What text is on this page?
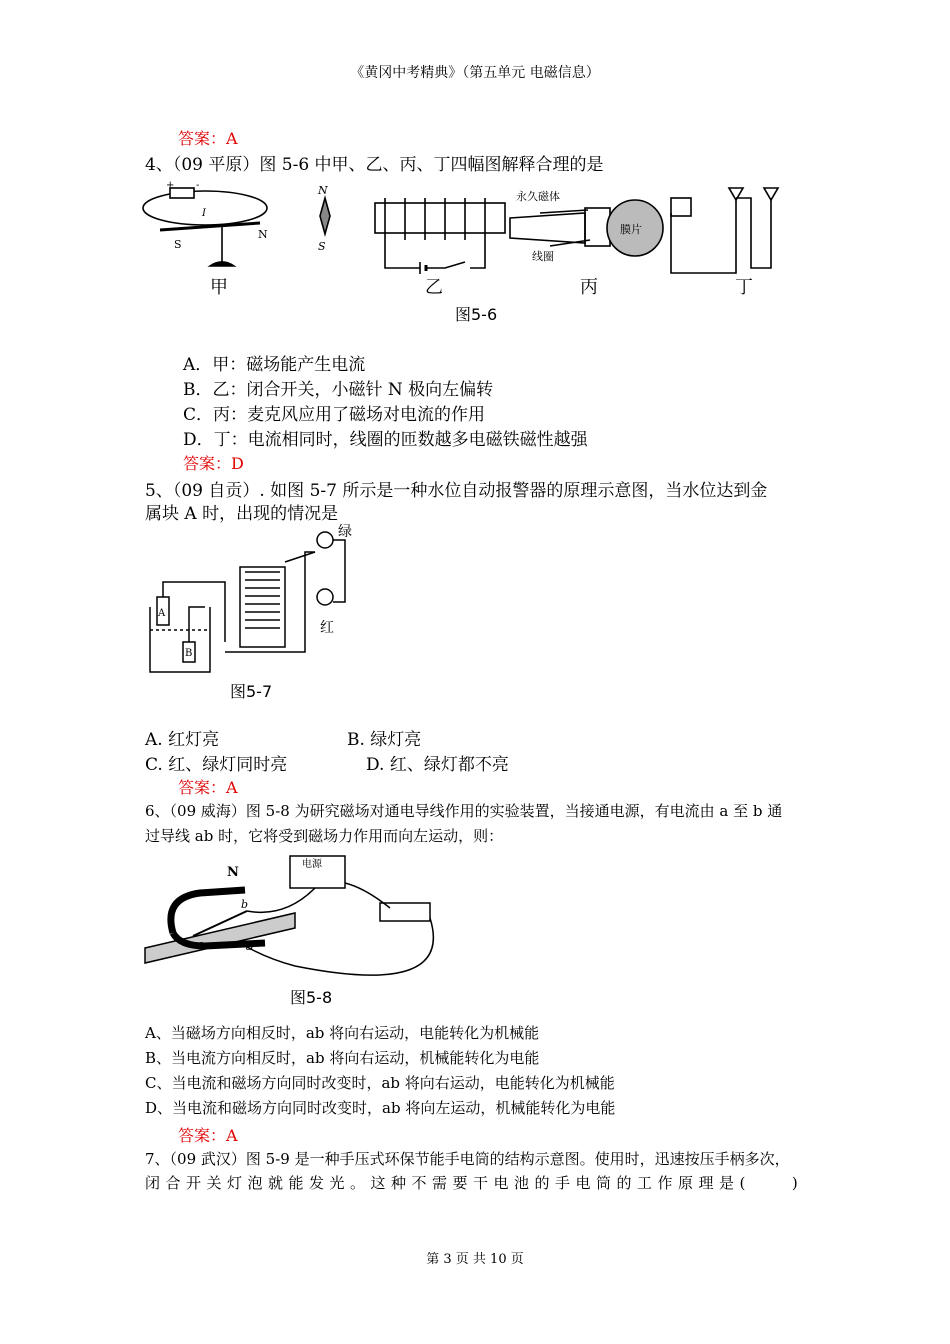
《黄冈中考精典》（第五单元 电磁信息）
答案：A
4、（09 平原）图 5-6 中甲、乙、丙、丁四幅图解释合理的是
N
S
S
N
+ -
I
永久磁体
膜片
线圈
甲	乙	丙	丁
图5-6
A．甲：磁场能产生电流
B．乙：闭合开关，小磁针 N 极向左偏转
C．丙：麦克风应用了磁场对电流的作用
D．丁：电流相同时，线圈的匝数越多电磁铁磁性越强
答案：D
5、（09 自贡）. 如图 5-7 所示是一种水位自动报警器的原理示意图，当水位达到金
属块 A 时，出现的情况是
A
B
绿
红
图5-7
A. 红灯亮	B. 绿灯亮
C. 红、绿灯同时亮	D. 红、绿灯都不亮
答案：A
6、（09 威海）图 5-8 为研究磁场对通电导线作用的实验装置，当接通电源，有电流由 a 至 b 通
过导线 ab 时，它将受到磁场力作用而向左运动，则：
N
S
a
b
电源
图5-8
A、当磁场方向相反时，ab 将向右运动，电能转化为机械能
B、当电流方向相反时，ab 将向右运动，机械能转化为电能
C、当电流和磁场方向同时改变时，ab 将向右运动，电能转化为机械能
D、当电流和磁场方向同时改变时，ab 将向左运动，机械能转化为电能
答案：A
7、（09 武汉）图 5-9 是一种手压式环保节能手电筒的结构示意图。使用时，迅速按压手柄多次，
闭合开关灯泡就能发光。这种不需要干电池的手电筒的工作原理是(　　)
第 3 页 共 10 页
